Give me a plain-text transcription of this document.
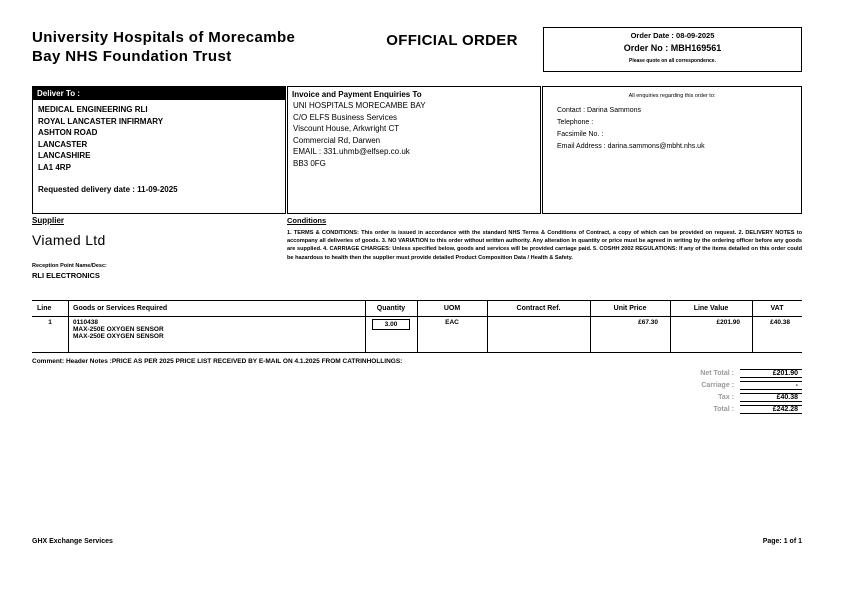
University Hospitals of Morecambe Bay NHS Foundation Trust
OFFICIAL ORDER	Order Date : 08-09-2025
Order No : MBH169561
Please quote on all correspondence.
Deliver To :
MEDICAL ENGINEERING RLI
ROYAL LANCASTER INFIRMARY
ASHTON ROAD
LANCASTER
LANCASHIRE
LA1 4RP
Requested delivery date : 11-09-2025
Invoice and Payment Enquiries To
UNI HOSPITALS MORECAMBE BAY
C/O ELFS Business Services
Viscount House, Arkwright CT
Commercial Rd, Darwen
EMAIL : 331.uhmb@elfsep.co.uk
BB3 0FG
All enquiries regarding this order to:
Contact : Darina Sammons
Telephone :
Facsimile No. :
Email Address : darina.sammons@mbht.nhs.uk
Supplier
Viamed Ltd
Reception Point Name/Desc:
RLI ELECTRONICS
Conditions
1. TERMS & CONDITIONS: This order is issued in accordance with the standard NHS Terms & Conditions of Contract, a copy of which can be provided on request. 2. DELIVERY NOTES to accompany all deliveries of goods. 3. NO VARIATION to this order without written authority. Any alteration in quantity or price must be agreed in writing by the ordering officer before any goods are supplied. 4. CARRIAGE CHARGES: Unless specified below, goods and services will be provided carriage paid. 5. COSHH 2002 REGULATIONS: If any of the items detailed on this order could be hazardous to health then the supplier must provide detailed Product Composition Data / Health & Safety.
Line	Goods or Services Required	Quantity	UOM	Contract Ref.	Unit Price	Line Value	VAT
1	0110438
MAX-250E OXYGEN SENSOR
MAX-250E OXYGEN SENSOR	3.00	EAC		£67.30	£201.90	£40.38
Comment: Header Notes :PRICE AS PER 2025 PRICE LIST RECEIVED BY E-MAIL ON 4.1.2025 FROM CATRINHOLLINGS:
Net Total :	£201.90
Carriage :	-
Tax :	£40.38
Total :	£242.28
GHX Exchange Services	Page: 1 of 1
